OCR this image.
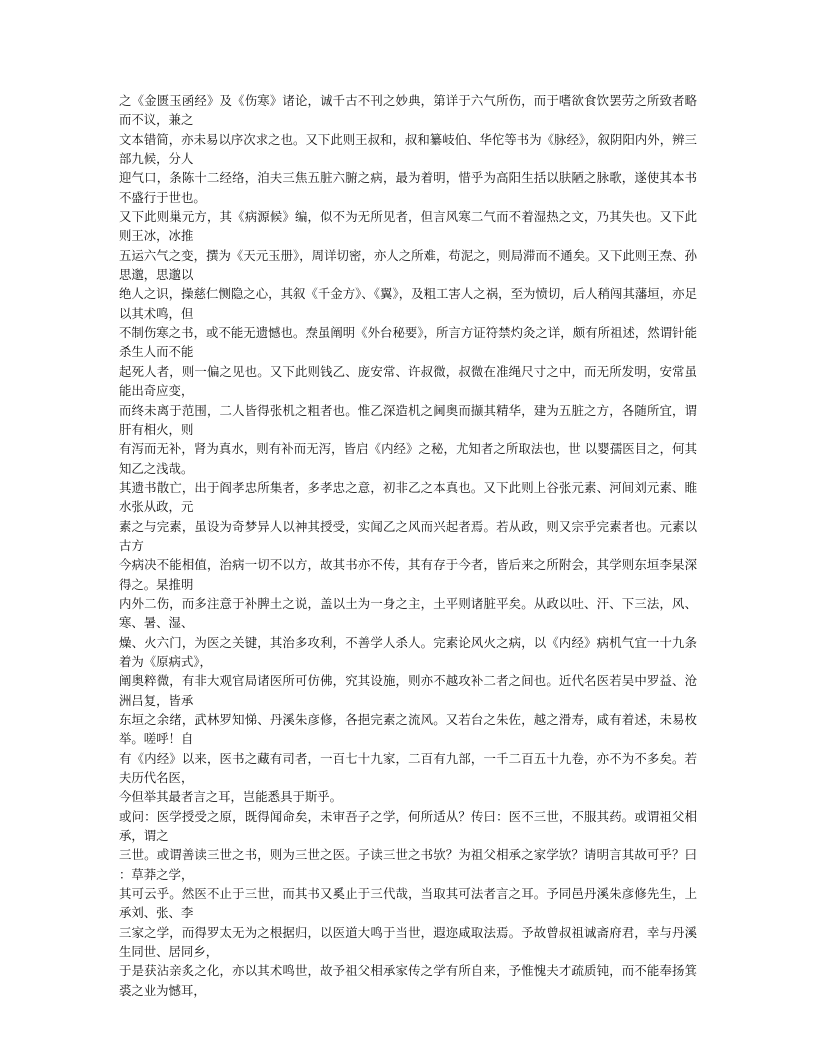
之《金匮玉函经》及《伤寒》诸论，诚千古不刊之妙典，第详于六气所伤，而于嗜欲食饮罢劳之所致者略而不议，兼之

文本错简，亦未易以序次求之也。又下此则王叔和，叔和纂岐伯、华佗等书为《脉经》，叙阴阳内外，辨三部九候，分人

迎气口，条陈十二经络，洎夫三焦五脏六腑之病，最为着明，惜乎为高阳生括以肤陋之脉歌，遂使其本书不盛行于世也。

又下此则巢元方，其《病源候》编，似不为无所见者，但言风寒二气而不着湿热之文，乃其失也。又下此则王冰，冰推

五运六气之变，撰为《天元玉册》，周详切密，亦人之所难，苟泥之，则局滞而不通矣。又下此则王焘、孙思邈，思邈以

绝人之识，操慈仁恻隐之心，其叙《千金方》、《翼》，及粗工害人之祸，至为愤切，后人稍闯其藩垣，亦足以其术鸣，但

不制伤寒之书，或不能无遗憾也。焘虽阐明《外台秘要》，所言方证符禁灼灸之详，颇有所祖述，然谓针能杀生人而不能

起死人者，则一偏之见也。又下此则钱乙、庞安常、许叔微，叔微在准绳尺寸之中，而无所发明，安常虽能出奇应变，

而终未离于范围，二人皆得张机之粗者也。惟乙深造机之阃奥而撷其精华，建为五脏之方，各随所宜，谓肝有相火，则

有泻而无补，肾为真水，则有补而无泻，皆启《内经》之秘，尤知者之所取法也，世 以婴孺医目之，何其知乙之浅哉。

其遗书散亡，出于阎孝忠所集者，多孝忠之意，初非乙之本真也。又下此则上谷张元素、河间刘元素、睢水张从政，元

素之与完素，虽设为奇梦异人以神其授受，实闻乙之风而兴起者焉。若从政，则又宗乎完素者也。元素以古方

今病决不能相值，治病一切不以方，故其书亦不传，其有存于今者，皆后来之所附会，其学则东垣李杲深得之。杲推明

内外二伤，而多注意于补脾土之说，盖以土为一身之主，土平则诸脏平矣。从政以吐、汗、下三法，风、寒、暑、湿、

燥、火六门，为医之关键，其治多攻利，不善学人杀人。完素论风火之病，以《内经》病机气宜一十九条着为《原病式》，

阐奥粹微，有非大观官局诸医所可仿佛，究其设施，则亦不越攻补二者之间也。近代名医若吴中罗益、沧洲吕复，皆承

东垣之余绪，武林罗知悌、丹溪朱彦修，各挹完素之流风。又若台之朱佐，越之滑寿，咸有着述，未易枚举。嗟呼！自

有《内经》以来，医书之藏有司者，一百七十九家，二百有九部，一千二百五十九卷，亦不为不多矣。若夫历代名医，

今但举其最者言之耳，岂能悉具于斯乎。

或问：医学授受之原，既得闻命矣，未审吾子之学，何所适从？传曰：医不三世，不服其药。或谓祖父相承，谓之

三世。或谓善读三世之书，则为三世之医。子读三世之书欤？为祖父相承之家学欤？请明言其故可乎？曰：草莽之学，

其可云乎。然医不止于三世，而其书又奚止于三代哉，当取其可法者言之耳。予同邑丹溪朱彦修先生，上承刘、张、李

三家之学，而得罗太无为之根据归，以医道大鸣于当世，遐迩咸取法焉。予故曾叔祖诚斋府君，幸与丹溪生同世、居同乡，

于是获沾亲炙之化，亦以其术鸣世，故予祖父相承家传之学有所自来，予惟愧夫才疏质钝，而不能奉扬箕裘之业为憾耳，
